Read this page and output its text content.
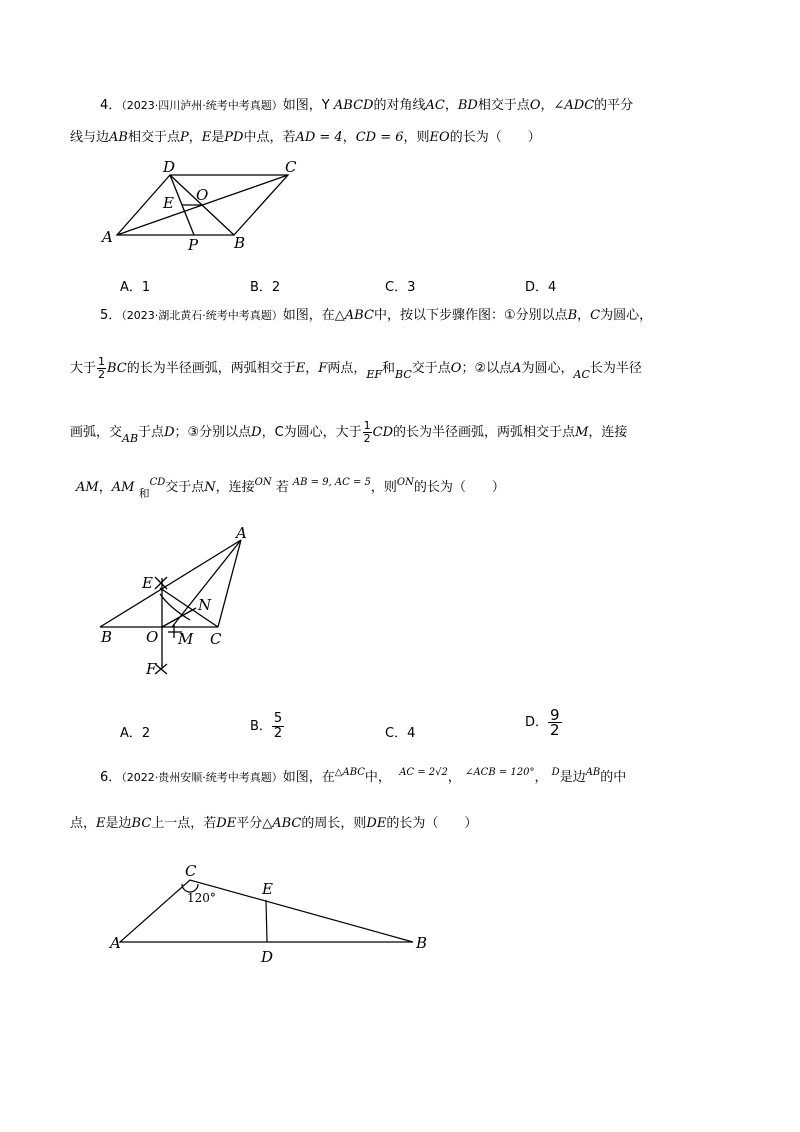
4．（2023·四川泸州·统考中考真题）如图，Y ABCD的对角线AC，BD相交于点O，∠ADC的平分
线与边AB相交于点P，E是PD中点，若AD = 4，CD = 6，则EO的长为（　　）
D	C
A	B
P
E O
A．1	B．2	C．3	D．4
5．（2023·湖北黄石·统考中考真题）如图，在△ABC中，按以下步骤作图：①分别以点B，C为圆心，
大于 $\frac{1}{2}$ BC的长为半径画弧，两弧相交于E，F两点，$_{EF}$和$_{BC}$交于点O；②以点A为圆心，$_{AC}$长为半径
画弧，交$_{AB}$于点D；③分别以点D，C为圆心，大于 $\frac{1}{2}$ CD的长为半径画弧，两弧相交于点M，连接
AM，AM $_和^{CD}$交于点N，连接$^{ON}$ 若 $^{AB = 9, AC = 5}$，则$^{ON}$的长为（　　）
A
E
N
B O M C
F
A．2	B． $\frac{5}{2}$	C．4
D． $\frac{9}{2}$
6．（2022·贵州安顺·统考中考真题）如图，在$^{\triangle ABC}$中， $^{AC = 2√2}$， $^{\angle ACB = 120^\circ}$， $^D$是边$^{AB}$的中
点，E是边BC上一点，若DE平分△ABC的周长，则DE的长为（　　）
C
E
A	B
D
120°
